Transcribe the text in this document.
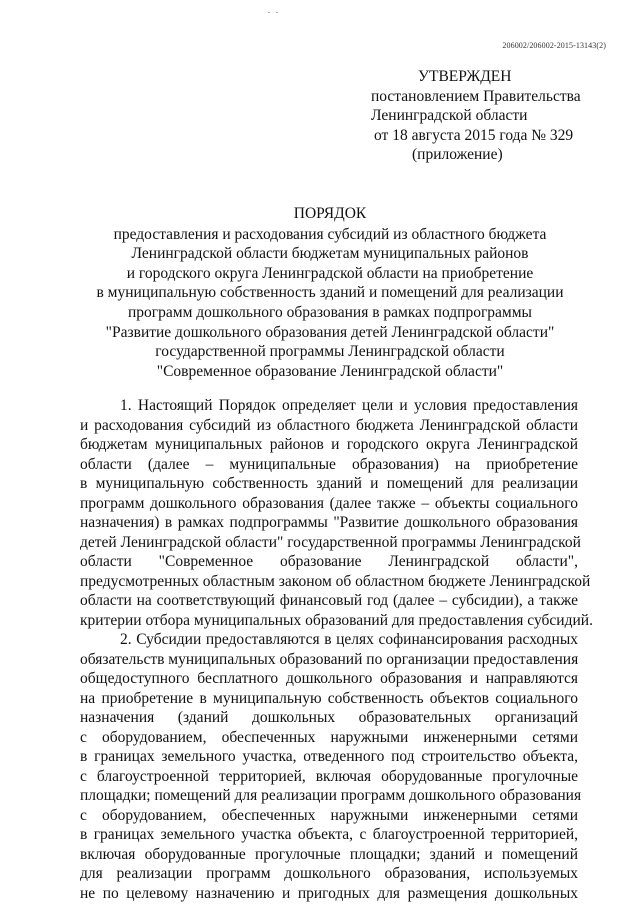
206002/206002-2015-13143(2)
УТВЕРЖДЕН
постановлением Правительства
Ленинградской области
от 18 августа 2015 года № 329
(приложение)
ПОРЯДОК
предоставления и расходования субсидий из областного бюджета
Ленинградской области бюджетам муниципальных районов
и городского округа Ленинградской области на приобретение
в муниципальную собственность зданий и помещений для реализации
программ дошкольного образования в рамках подпрограммы
"Развитие дошкольного образования детей Ленинградской области"
государственной программы Ленинградской области
"Современное образование Ленинградской области"
1. Настоящий Порядок определяет цели и условия предоставления
и расходования субсидий из областного бюджета Ленинградской области
бюджетам муниципальных районов и городского округа Ленинградской
области (далее – муниципальные образования) на приобретение
в муниципальную собственность зданий и помещений для реализации
программ дошкольного образования (далее также – объекты социального
назначения) в рамках подпрограммы "Развитие дошкольного образования
детей Ленинградской области" государственной программы Ленинградской
области "Современное образование Ленинградской области",
предусмотренных областным законом об областном бюджете Ленинградской
области на соответствующий финансовый год (далее – субсидии), а также
критерии отбора муниципальных образований для предоставления субсидий.
2. Субсидии предоставляются в целях софинансирования расходных
обязательств муниципальных образований по организации предоставления
общедоступного бесплатного дошкольного образования и направляются
на приобретение в муниципальную собственность объектов социального
назначения (зданий дошкольных образовательных организаций
с оборудованием, обеспеченных наружными инженерными сетями
в границах земельного участка, отведенного под строительство объекта,
с благоустроенной территорией, включая оборудованные прогулочные
площадки; помещений для реализации программ дошкольного образования
с оборудованием, обеспеченных наружными инженерными сетями
в границах земельного участка объекта, с благоустроенной территорией,
включая оборудованные прогулочные площадки; зданий и помещений
для реализации программ дошкольного образования, используемых
не по целевому назначению и пригодных для размещения дошкольных
